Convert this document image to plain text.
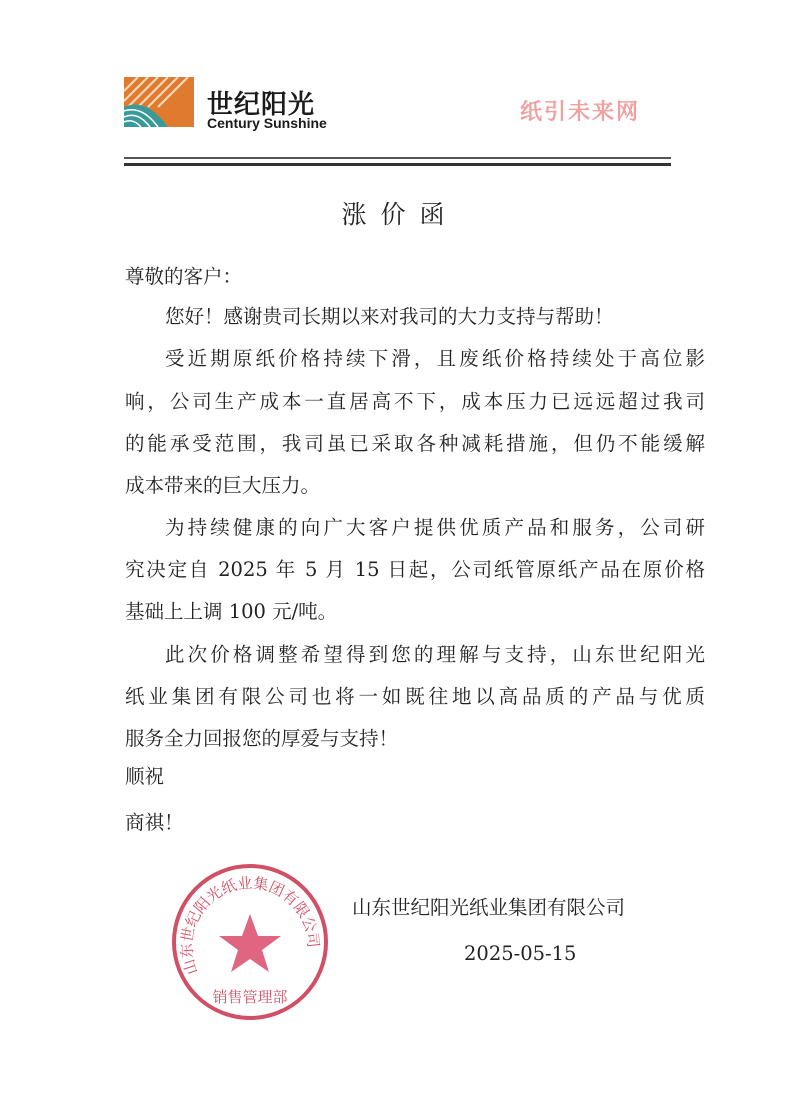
世纪阳光
Century Sunshine
涨价函
尊敬的客户：
您好！感谢贵司长期以来对我司的大力支持与帮助！
受近期原纸价格持续下滑，且废纸价格持续处于高位影
响，公司生产成本一直居高不下，成本压力已远远超过我司
的能承受范围，我司虽已采取各种减耗措施，但仍不能缓解
成本带来的巨大压力。
为持续健康的向广大客户提供优质产品和服务，公司研
究决定自 2025 年 5 月 15 日起，公司纸管原纸产品在原价格
基础上上调 100 元/吨。
此次价格调整希望得到您的理解与支持，山东世纪阳光
纸业集团有限公司也将一如既往地以高品质的产品与优质
服务全力回报您的厚爱与支持！
顺祝
商祺！
纸引未来网
山东世纪阳光纸业集团有限公司
销售管理部
山东世纪阳光纸业集团有限公司
2025-05-15
